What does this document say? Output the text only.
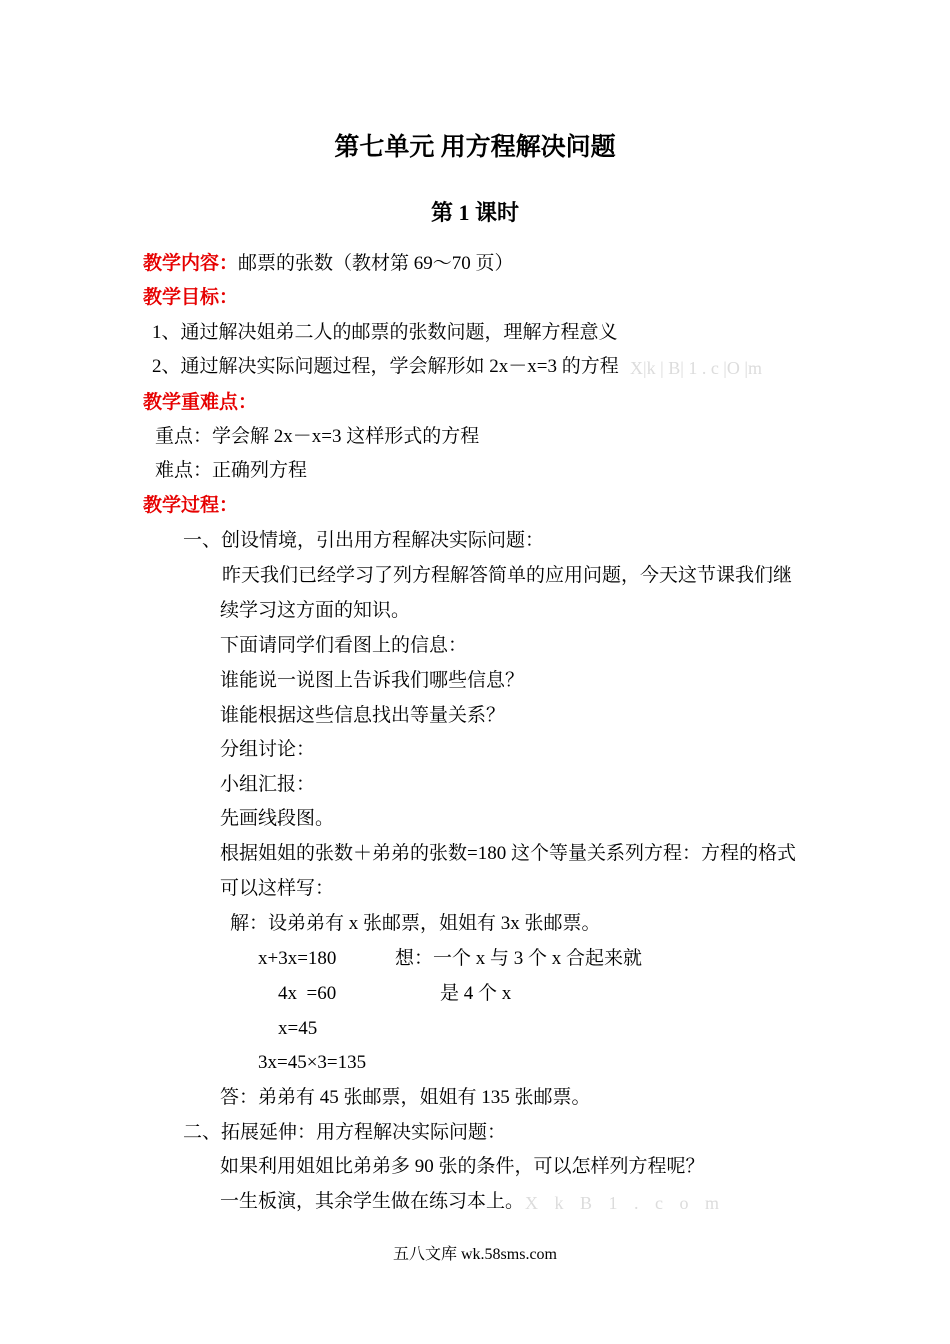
第七单元 用方程解决问题
第 1 课时
教学内容：邮票的张数（教材第 69～70 页）
教学目标：
1、通过解决姐弟二人的邮票的张数问题，理解方程意义
2、通过解决实际问题过程，学会解形如 2x－x=3 的方程 X|k | B| 1 . c |O |m
教学重难点：
重点：学会解 2x－x=3 这样形式的方程
难点：正确列方程
教学过程：
一、创设情境，引出用方程解决实际问题：
昨天我们已经学习了列方程解答简单的应用问题，今天这节课我们继
续学习这方面的知识。
下面请同学们看图上的信息：
谁能说一说图上告诉我们哪些信息？
谁能根据这些信息找出等量关系？
分组讨论：
小组汇报：
先画线段图。
根据姐姐的张数＋弟弟的张数=180 这个等量关系列方程：方程的格式
可以这样写：
解：设弟弟有 x 张邮票，姐姐有 3x 张邮票。
x+3x=180	想：一个 x 与 3 个 x 合起来就
4x  =60	是 4 个 x
x=45
3x=45×3=135
答：弟弟有 45 张邮票，姐姐有 135 张邮票。
二、拓展延伸：用方程解决实际问题：
如果利用姐姐比弟弟多 90 张的条件，可以怎样列方程呢？
一生板演，其余学生做在练习本上。 X k B 1 . c o m
五八文库 wk.58sms.com
